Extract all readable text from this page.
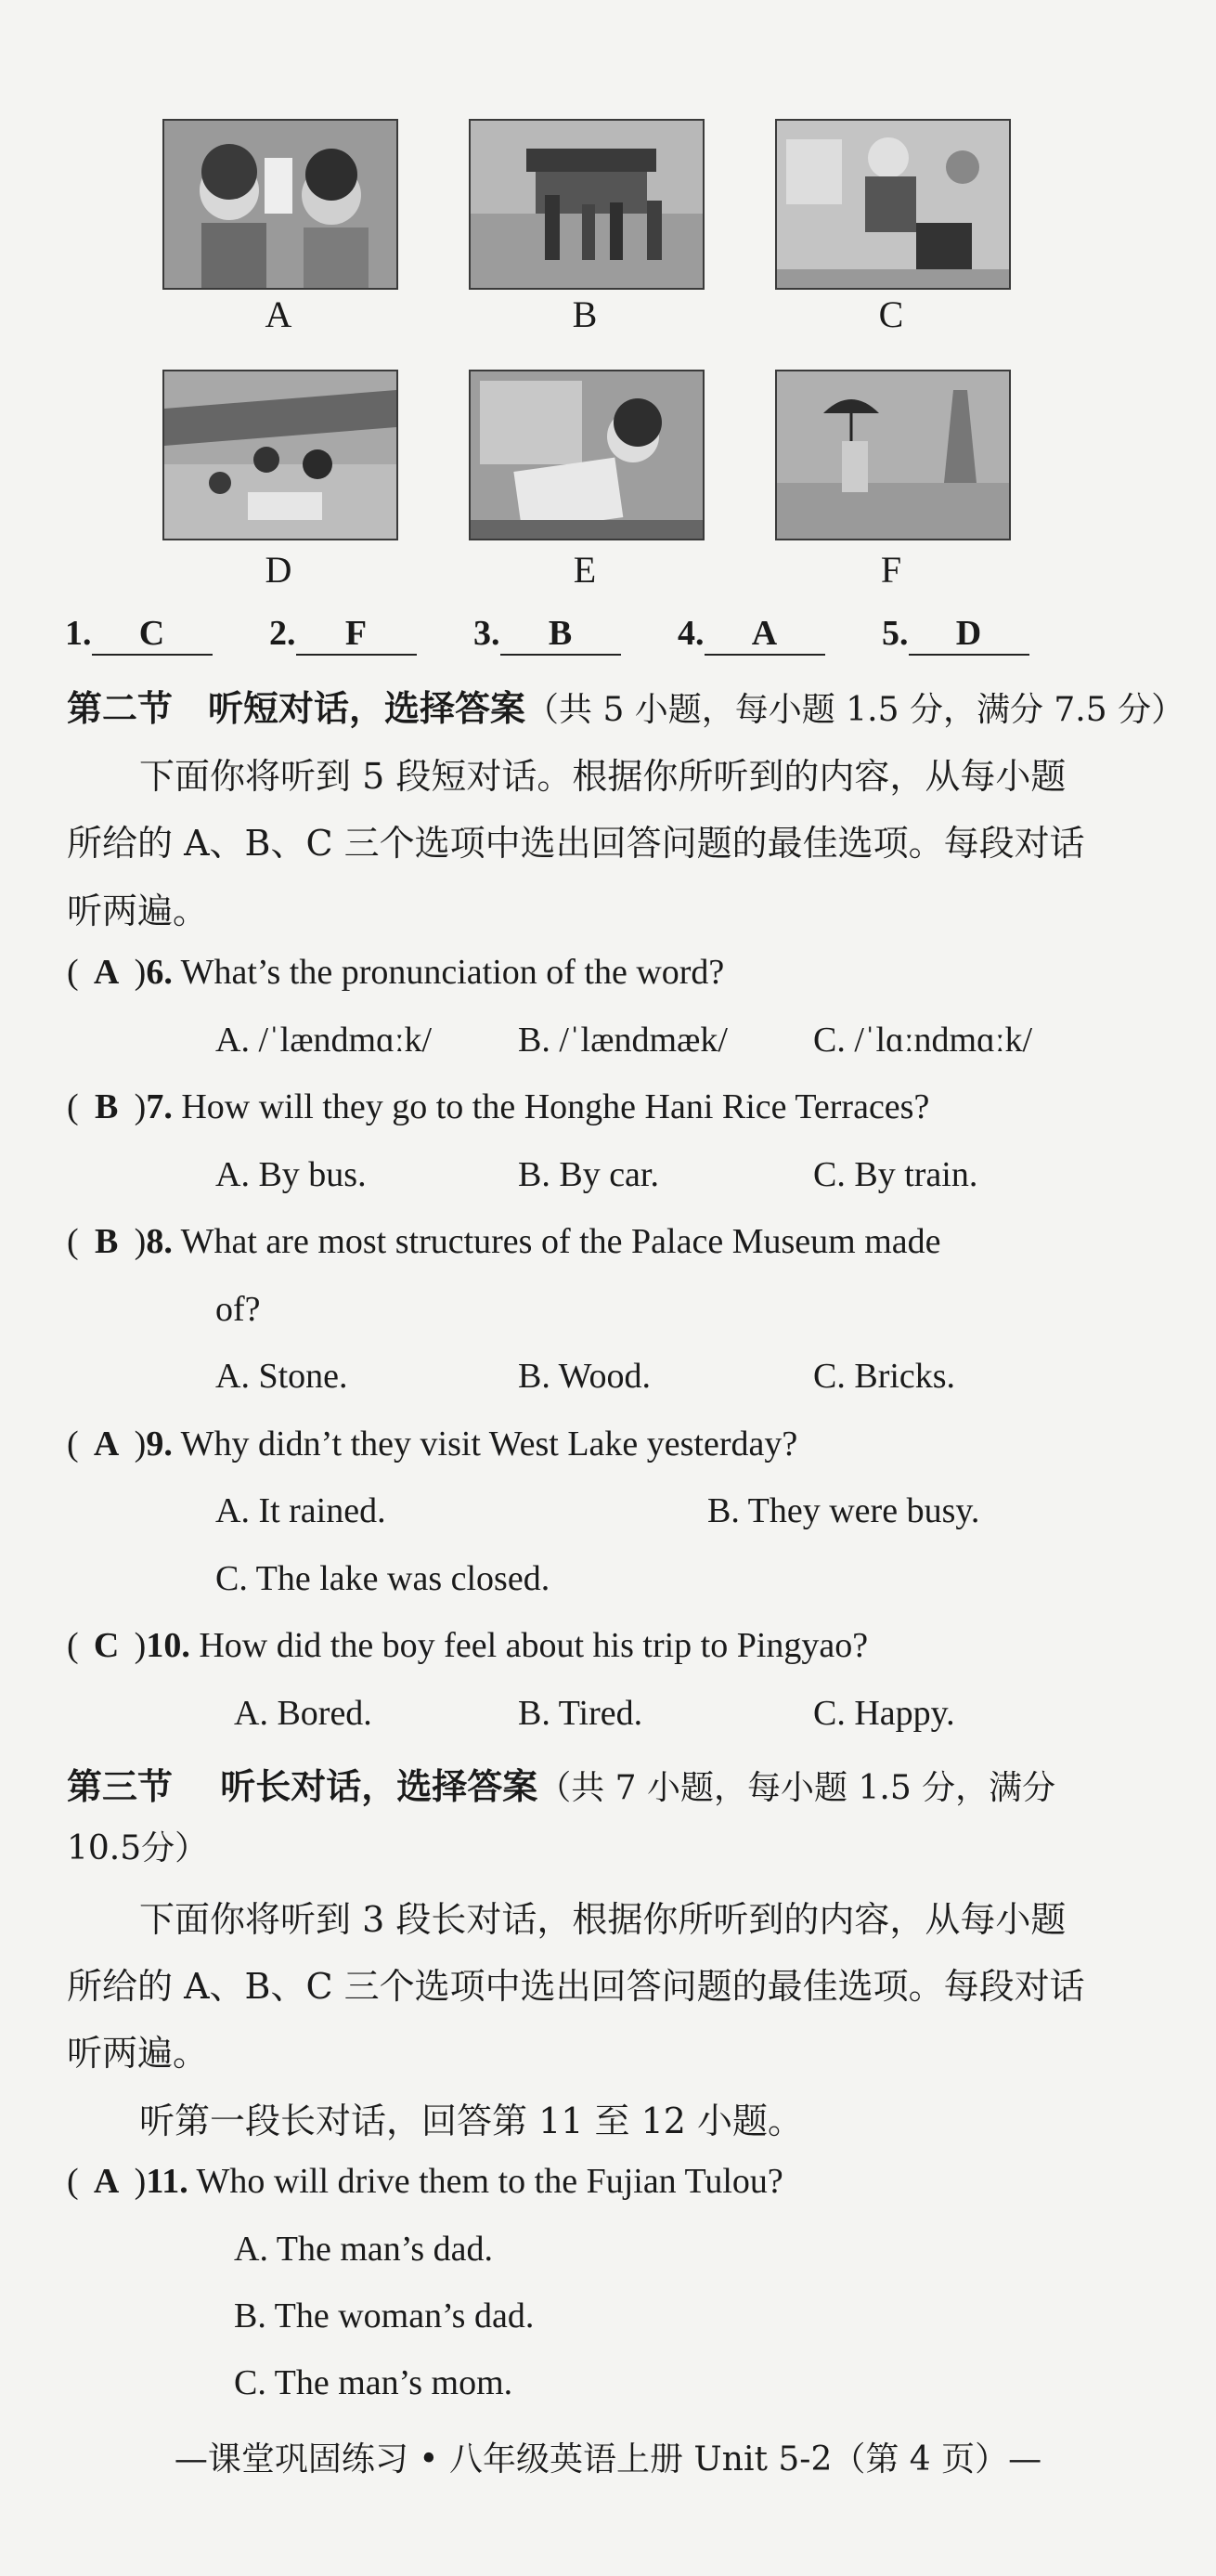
A	B	C
D	E	F
1. C	2. F	3. B	4. A	5. D
第二节　听短对话，选择答案（共 5 小题，每小题 1.5 分，满分 7.5 分）
下面你将听到 5 段短对话。根据你所听到的内容，从每小题
所给的 A、B、C 三个选项中选出回答问题的最佳选项。每段对话
听两遍。
( A )6. What’s the pronunciation of the word?
A. /ˈlændmɑːk/ B. /ˈlændmæk/ C. /ˈlɑːndmɑːk/
( B )7. How will they go to the Honghe Hani Rice Terraces?
A. By bus.	B. By car.	C. By train.
( B )8. What are most structures of the Palace Museum made
of?
A. Stone.	B. Wood.	C. Bricks.
( A )9. Why didn’t they visit West Lake yesterday?
A. It rained.	B. They were busy.
C. The lake was closed.
( C )10. How did the boy feel about his trip to Pingyao?
A. Bored.	B. Tired.	C. Happy.
第三节　 听长对话，选择答案（共 7 小题，每小题 1.5 分，满分
10.5分）
下面你将听到 3 段长对话，根据你所听到的内容，从每小题
所给的 A、B、C 三个选项中选出回答问题的最佳选项。每段对话
听两遍。
听第一段长对话，回答第 11 至 12 小题。
( A )11. Who will drive them to the Fujian Tulou?
A. The man’s dad.
B. The woman’s dad.
C. The man’s mom.
—课堂巩固练习 • 八年级英语上册 Unit 5-2（第 4 页）—
